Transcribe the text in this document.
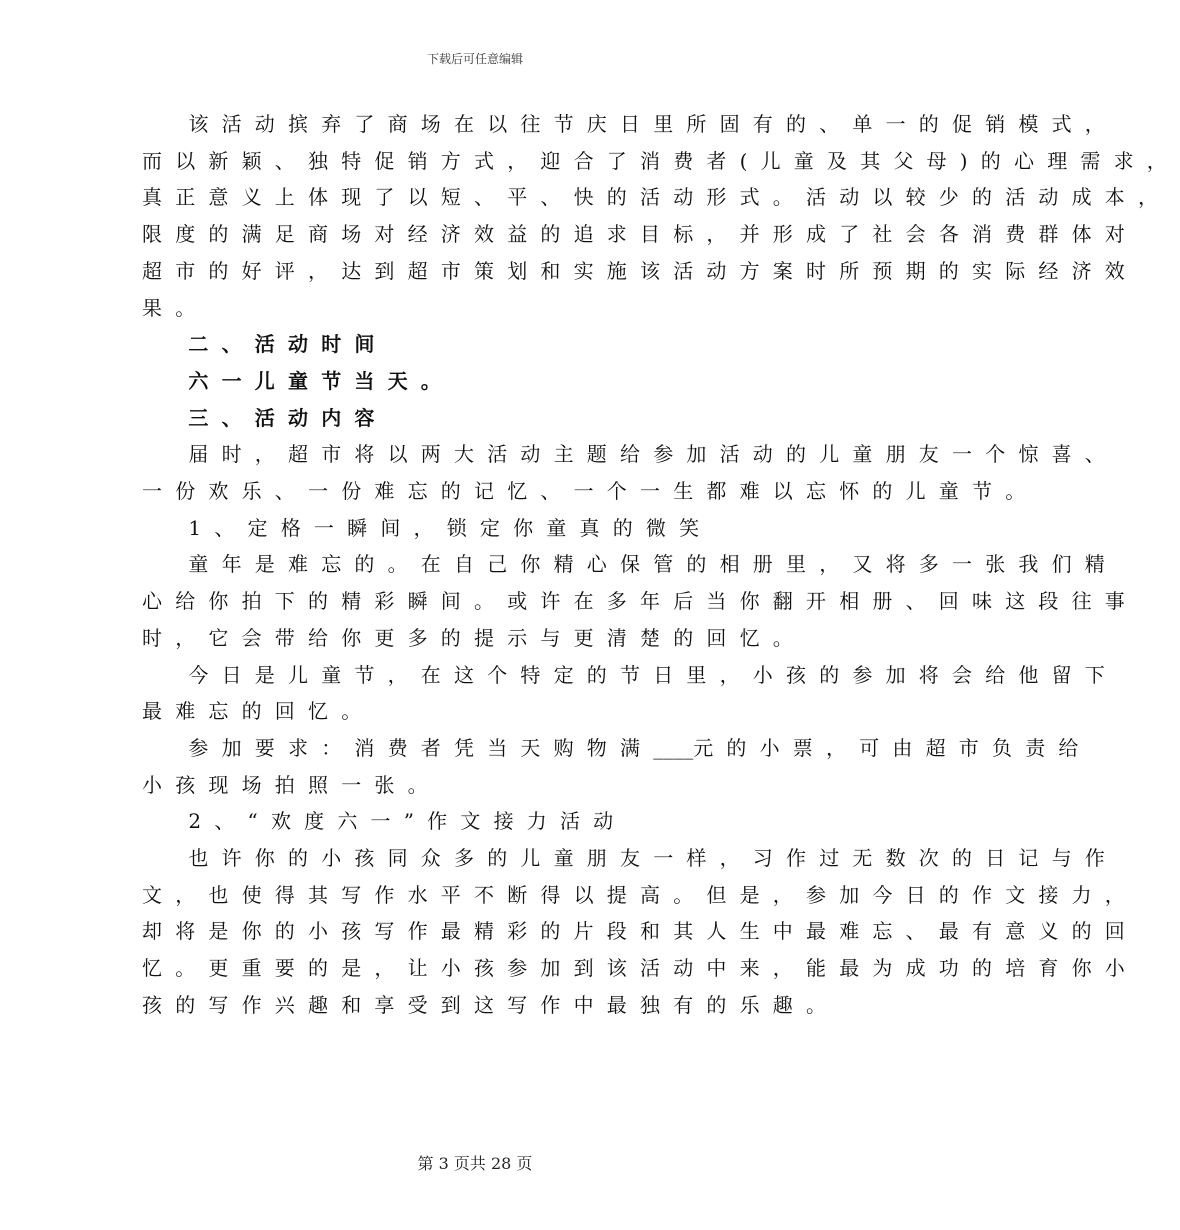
下载后可任意编辑

该活动摈弃了商场在以往节庆日里所固有的、单一的促销模式，
而以新颖、独特促销方式，迎合了消费者(儿童及其父母)的心理需求，
真正意义上体现了以短、平、快的活动形式。活动以较少的活动成本，
限度的满足商场对经济效益的追求目标，并形成了社会各消费群体对
超市的好评，达到超市策划和实施该活动方案时所预期的实际经济效
果。

二、活动时间

六一儿童节当天。

三、活动内容

届时，超市将以两大活动主题给参加活动的儿童朋友一个惊喜、
一份欢乐、一份难忘的记忆、一个一生都难以忘怀的儿童节。

1、定格一瞬间，锁定你童真的微笑

童年是难忘的。在自己你精心保管的相册里，又将多一张我们精
心给你拍下的精彩瞬间。或许在多年后当你翻开相册、回味这段往事
时，它会带给你更多的提示与更清楚的回忆。

今日是儿童节，在这个特定的节日里，小孩的参加将会给他留下
最难忘的回忆。

参加要求：消费者凭当天购物满____元的小票，可由超市负责给
小孩现场拍照一张。

2、“欢度六一”作文接力活动

也许你的小孩同众多的儿童朋友一样，习作过无数次的日记与作
文，也使得其写作水平不断得以提高。但是，参加今日的作文接力，
却将是你的小孩写作最精彩的片段和其人生中最难忘、最有意义的回
忆。更重要的是，让小孩参加到该活动中来，能最为成功的培育你小
孩的写作兴趣和享受到这写作中最独有的乐趣。

第 3 页共 28 页
